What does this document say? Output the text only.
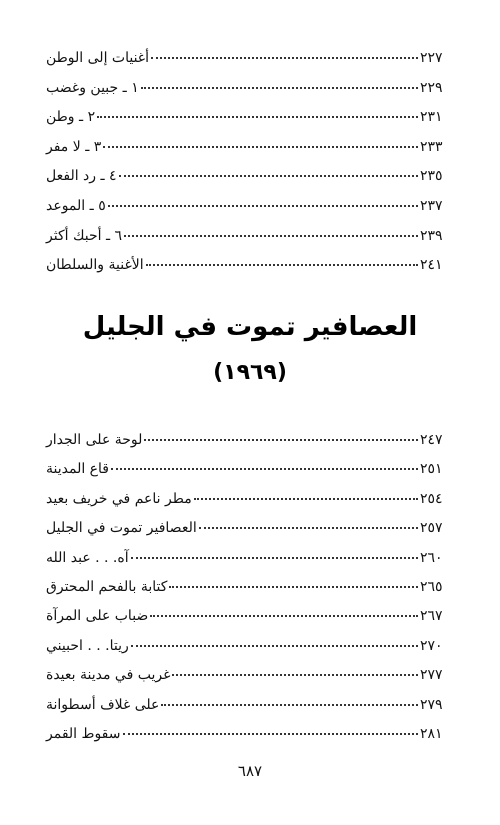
أغنيات إلى الوطن	٢٢٧
١ ـ جبين وغضب	٢٢٩
٢ ـ وطن	٢٣١
٣ ـ لا مفر	٢٣٣
٤ ـ رد الفعل	٢٣٥
٥ ـ الموعد	٢٣٧
٦ ـ أحبك أكثر	٢٣٩
الأغنية والسلطان	٢٤١
العصافير تموت في الجليل
(١٩٦٩)
لوحة على الجدار	٢٤٧
قاع المدينة	٢٥١
مطر ناعم في خريف بعيد	٢٥٤
العصافير تموت في الجليل	٢٥٧
آه. . . عبد الله	٢٦٠
كتابة بالفحم المحترق	٢٦٥
ضباب على المرآة	٢٦٧
ريتا. . . احبيني	٢٧٠
غريب في مدينة بعيدة	٢٧٧
على غلاف أسطوانة	٢٧٩
سقوط القمر	٢٨١
٦٨٧
